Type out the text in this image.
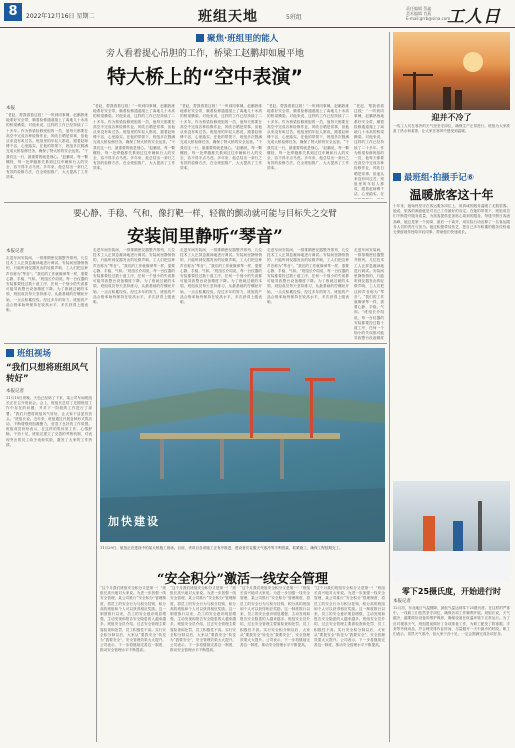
8	2022年12月16日 星期二	班组天地	5班组
责任编辑 蔡鑫
美术编辑 肖燕
E-mail:grrb@sina.com
工人日
聚焦·班组里的能人
旁人看着提心吊胆的工作，桥梁工赵鹏却如履平地
特大桥上的“空中表演”
本报
“老赵，帮我看看这段！”一听到同事喊，赵鹏熟练地系好安全带，顺着检修通道爬上了离地几十米高的桥梁横梁。对他来说，这样的工作已经持续了二十多年。作为桥梁检修班组的一员，他每天都要在高空中完成各种检修作业，风吹日晒是常事，但他从来没有叫过苦。班组里的年轻人都说，跟着赵师傅干活，心里踏实。在他的带领下，班组多次圆满完成大桥检修任务，确保了特大桥的安全运营。“干我们这一行，最重要的就是细心。”赵鹏说，每一颗螺栓、每一处焊缝都关系到过往车辆和行人的安全，容不得半点马虎。多年来，他总结出一套行之有效的检修方法，在全班组推广，大大提高了工作效率。
“老赵，帮我看看这段！”一听到同事喊，赵鹏熟练地系好安全带，顺着检修通道爬上了离地几十米高的桥梁横梁。对他来说，这样的工作已经持续了二十多年。作为桥梁检修班组的一员，他每天都要在高空中完成各种检修作业，风吹日晒是常事，但他从来没有叫过苦。班组里的年轻人都说，跟着赵师傅干活，心里踏实。在他的带领下，班组多次圆满完成大桥检修任务，确保了特大桥的安全运营。“干我们这一行，最重要的就是细心。”赵鹏说，每一颗螺栓、每一处焊缝都关系到过往车辆和行人的安全，容不得半点马虎。多年来，他总结出一套行之有效的检修方法，在全班组推广，大大提高了工作效率。
“老赵，帮我看看这段！”一听到同事喊，赵鹏熟练地系好安全带，顺着检修通道爬上了离地几十米高的桥梁横梁。对他来说，这样的工作已经持续了二十多年。作为桥梁检修班组的一员，他每天都要在高空中完成各种检修作业，风吹日晒是常事，但他从来没有叫过苦。班组里的年轻人都说，跟着赵师傅干活，心里踏实。在他的带领下，班组多次圆满完成大桥检修任务，确保了特大桥的安全运营。“干我们这一行，最重要的就是细心。”赵鹏说，每一颗螺栓、每一处焊缝都关系到过往车辆和行人的安全，容不得半点马虎。多年来，他总结出一套行之有效的检修方法，在全班组推广，大大提高了工作效率。
“老赵，帮我看看这段！”一听到同事喊，赵鹏熟练地系好安全带，顺着检修通道爬上了离地几十米高的桥梁横梁。对他来说，这样的工作已经持续了二十多年。作为桥梁检修班组的一员，他每天都要在高空中完成各种检修作业，风吹日晒是常事，但他从来没有叫过苦。班组里的年轻人都说，跟着赵师傅干活，心里踏实。在他的带领下，班组多次圆满完成大桥检修任务，确保了特大桥的安全运营。“干我们这一行，最重要的就是细心。”赵鹏说，每一颗螺栓、每一处焊缝都关系到过往车辆和行人的安全，容不得半点马虎。多年来，他总结出一套行之有效的检修方法，在全班组推广，大大提高了工作效率。
“老赵，帮我看看这段！”一听到同事喊，赵鹏熟练地系好安全带，顺着检修通道爬上了离地几十米高的桥梁横梁。对他来说，这样的工作已经持续了二十多年。作为桥梁检修班组的一员，他每天都要在高空中完成各种检修作业，风吹日晒是常事，但他从来没有叫过苦。班组里的年轻人都说，跟着赵师傅干活，心里踏实。在
要心静、手稳、气和，像打靶一样，轻微的颤动就可能与目标失之交臂
安装间里静听“琴音”
本报记者
走进车间安装间，一排排精密仪器整齐排列，几位技术工人正屏息凝神地进行调试。安装间里静悄悄的，只能听到仪器发出的轻微声响，工人们把这种声音称为“琴音”。“我们的工作就像弹琴一样，需要心静、手稳、气和。”班组长介绍说，每一台仪器的安装都要经过数十道工序，任何一个细小的失误都可能导致整台设备精度下降。为了练就过硬的本领，班组成员每天坚持练习，从最基础的拧螺丝开始，一点点积累经验。经过多年的努力，班组的产品合格率始终保持在较高水平，多次获得上级表彰。
走进车间安装间，一排排精密仪器整齐排列，几位技术工人正屏息凝神地进行调试。安装间里静悄悄的，只能听到仪器发出的轻微声响，工人们把这种声音称为“琴音”。“我们的工作就像弹琴一样，需要心静、手稳、气和。”班组长介绍说，每一台仪器的安装都要经过数十道工序，任何一个细小的失误都可能导致整台设备精度下降。为了练就过硬的本领，班组成员每天坚持练习，从最基础的拧螺丝开始，一点点积累经验。经过多年的努力，班组的产品合格率始终保持在较高水平，多次获得上级表彰。
走进车间安装间，一排排精密仪器整齐排列，几位技术工人正屏息凝神地进行调试。安装间里静悄悄的，只能听到仪器发出的轻微声响，工人们把这种声音称为“琴音”。“我们的工作就像弹琴一样，需要心静、手稳、气和。”班组长介绍说，每一台仪器的安装都要经过数十道工序，任何一个细小的失误都可能导致整台设备精度下降。为了练就过硬的本领，班组成员每天坚持练习，从最基础的拧螺丝开始，一点点积累经验。经过多年的努力，班组的产品合格率始终保持在较高水平，多次获得上级表彰。
走进车间安装间，一排排精密仪器整齐排列，几位技术工人正屏息凝神地进行调试。安装间里静悄悄的，只能听到仪器发出的轻微声响，工人们把这种声音称为“琴音”。“我们的工作就像弹琴一样，需要心静、手稳、气和。”班组长介绍说，每一台仪器的安装都要经过数十道工序，任何一个细小的失误都可能导致整台设备精度下降。为了练就过硬的本领，班组成员每天坚持练习，从最基础的拧螺丝开始，一点点积累经验。经过多年的努力，班组的产品合格率始终保持在较高水平，多次获得上级表彰。
走进车间安装间，一排排精密仪器整齐排列，几位技术工人正屏息凝神地进行调试。安装间里静悄悄的，只能听到仪器发出的轻微声响，工人们把这种声音称为“琴音”。“我们的工作就像弹琴一样，需要心静、手稳、气和。”班组长介绍说，每一台仪器的安装都要经过数十道工序，任何一个细小的失误都可能导致整台设备精度
班组视场
“我们只想将班组风气转好”
本报记者
11月18日傍晚，天色已经暗了下来，某公司车间班组长正在召开班前会。会上，班组长总结了近期班组工作中存在的问题，并对下一阶段的工作进行了部署。“我们只想将班组风气转好，让大家干活更有劲头。”班组长说。近年来，班组通过开展各种形式的活动，不断增强班组凝聚力，营造了良好的工作氛围。班组成员纷纷表示，在这样的集体里工作，心情舒畅，干劲十足。班组还建立了完善的考核机制，对表现突出的员工给予表彰奖励，激发了大家的工作热情。
加快建设
11月29日，航拍正在建设中的某大桥施工现场。目前，该项目各项施工正有序推进，建设者们克服天气寒冷等不利因素，抓紧施工，确保工程按期完工。
“安全积分”激活一线安全管理
“这个月我们班组安全积分又是第一！”班组长高兴地对大家说。为进一步加强一线安全管理，某公司推行“安全积分”管理制度，将员工的安全行为与积分挂钩，积分高的班组和个人可以获得相应奖励。这一制度推行以来，员工的安全意识明显增强，主动发现和报告安全隐患的人越来越多。班组安全员介绍，过去安全管理主要靠检查和处罚，员工积极性不高。实行安全积分制以后，大家从“要我安全”转变为“我要安全”，安全管理效果大大提升。公司表示，下一步将继续完善这一制度，推动安全管理水平不断提高。
“这个月我们班组安全积分又是第一！”班组长高兴地对大家说。为进一步加强一线安全管理，某公司推行“安全积分”管理制度，将员工的安全行为与积分挂钩，积分高的班组和个人可以获得相应奖励。这一制度推行以来，员工的安全意识明显增强，主动发现和报告安全隐患的人越来越多。班组安全员介绍，过去安全管理主要靠检查和处罚，员工积极性不高。实行安全积分制以后，大家从“要我安全”转变为“我要安全”，安全管理效果大大提升。公司表示，下一步将继续完善这一制度，推动安全管理水平不断提高。
“这个月我们班组安全积分又是第一！”班组长高兴地对大家说。为进一步加强一线安全管理，某公司推行“安全积分”管理制度，将员工的安全行为与积分挂钩，积分高的班组和个人可以获得相应奖励。这一制度推行以来，员工的安全意识明显增强，主动发现和报告安全隐患的人越来越多。班组安全员介绍，过去安全管理主要靠检查和处罚，员工积极性不高。实行安全积分制以后，大家从“要我安全”转变为“我要安全”，安全管理效果大大提升。公司表示，下一步将继续完善这一制度，推动安全管理水平不断提高。
“这个月我们班组安全积分又是第一！”班组长高兴地对大家说。为进一步加强一线安全管理，某公司推行“安全积分”管理制度，将员工的安全行为与积分挂钩，积分高的班组和个人可以获得相应奖励。这一制度推行以来，员工的安全意识明显增强，主动发现和报告安全隐患的人越来越多。班组安全员介绍，过去安全管理主要靠检查和处罚，员工积极性不高。实行安全积分制以后，大家从“要我安全”转变为“我要安全”，安全管理效果大大提升。公司表示，下一步将继续完善这一制度，推动安全管理水平不断提高。
迎并不冷了
一线工人们在寒冷的天气里坚守岗位，确保生产正常进行。班组为大家准备了热水和姜茶，让大家在寒风中感受到温暖。
最班组·拍摄手记⑥
温暖旅客这十年
十年来，她始终坚守在客运服务岗位上，用真诚的服务温暖了无数旅客。她说，旅客的满意就是对自己工作最好的肯定。在她的带领下，班组成员们不断提升服务质量，为旅客提供更加贴心周到的服务。每逢节假日客流高峰，她总是第一个到岗、最后一个离开，用实际行动诠释了一名客运服务人员的责任与担当。她还积极带徒传艺，把自己多年积累的服务经验毫无保留地传授给年轻同事，帮助他们快速成长。
零下25摄氏度，开始进行时
本报记者
12月初，东北地区气温骤降，最低气温达到零下25摄氏度。在这样的严寒中，一线职工们依然坚守岗位，确保各项工作顺利开展。班组长说，天气越冷，越要做好设备的维护保养，确保设备在低温环境下正常运行。为了应对极寒天气，班组提前做好了各项准备工作，为职工配发了防寒服、手套等劳保用品，并合理安排作业时间，尽量避开一天中最冷的时段。职工们表示，虽然天气寒冷，但大家干劲十足，一定会圆满完成各项任务。
